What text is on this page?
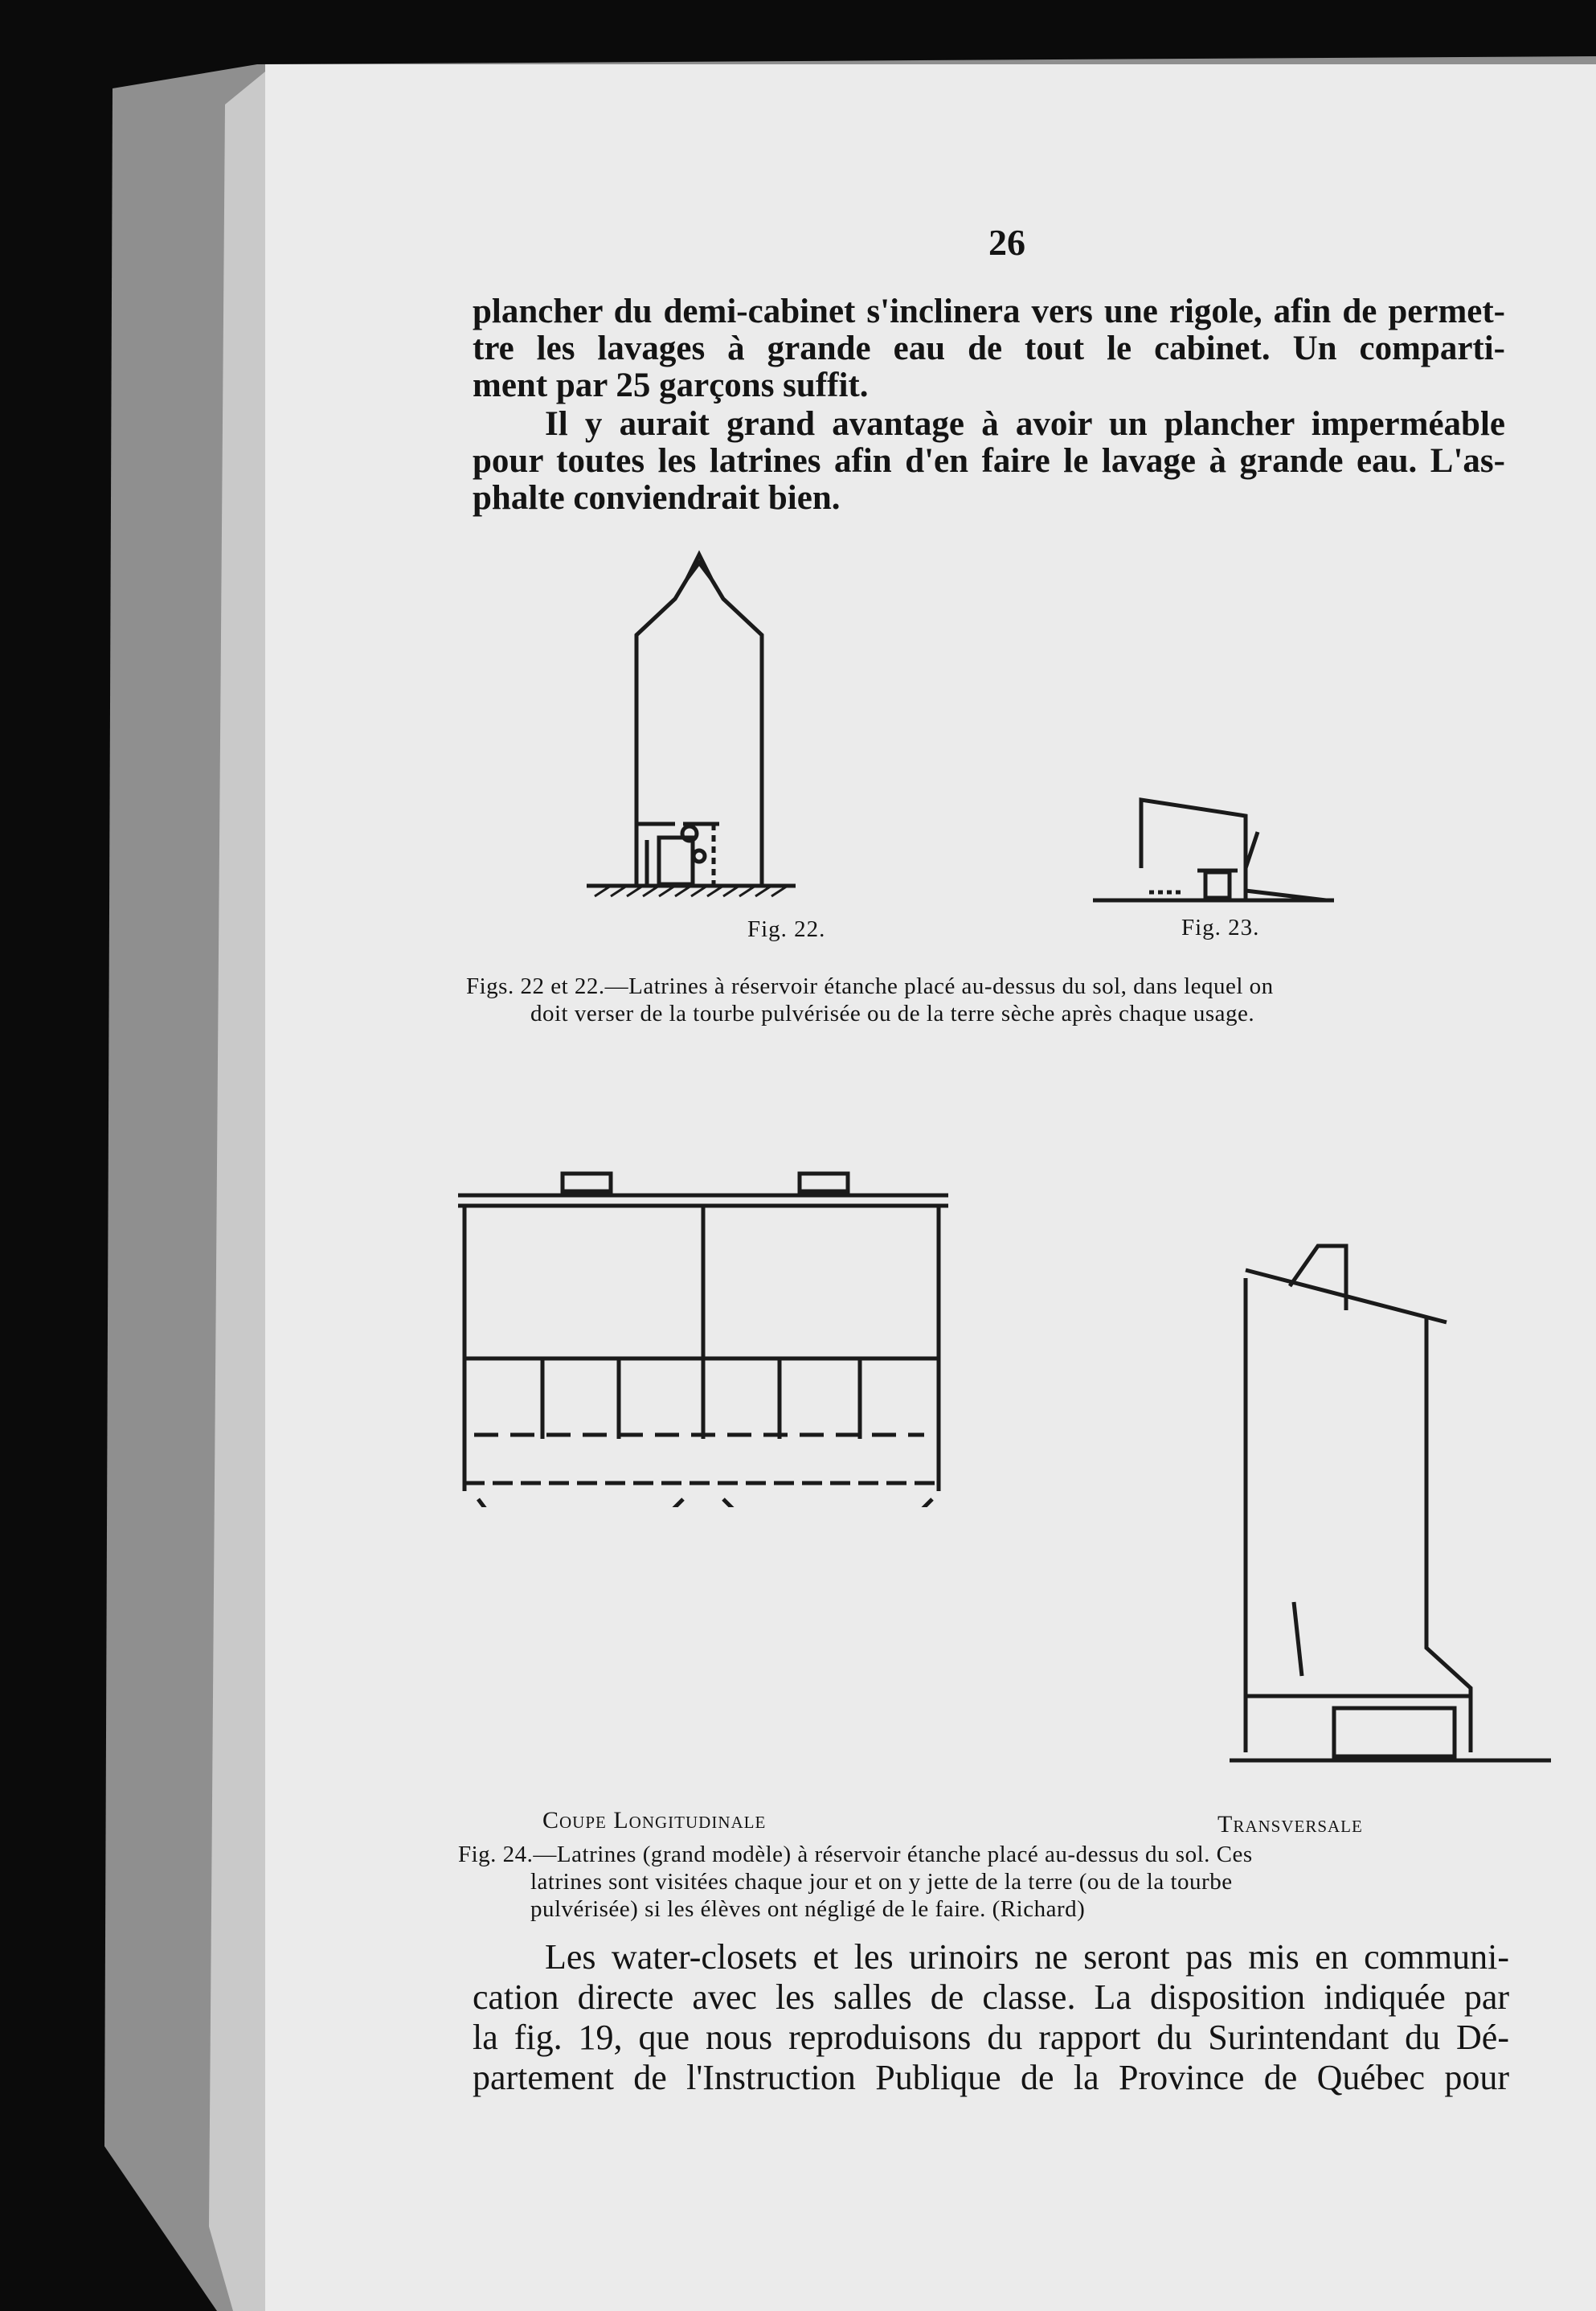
26

plancher du demi-cabinet s'inclinera vers une rigole, afin de permet-
tre les lavages à grande eau de tout le cabinet. Un comparti-
ment par 25 garçons suffit.

Il y aurait grand avantage à avoir un plancher imperméable
pour toutes les latrines afin d'en faire le lavage à grande eau. L'as-
phalte conviendrait bien.

Fig. 22.	Fig. 23.

Figs. 22 et 22.—Latrines à réservoir étanche placé au-dessus du sol, dans lequel on
doit verser de la tourbe pulvérisée ou de la terre sèche après chaque usage.

Coupe Longitudinale	Transversale

Fig. 24.—Latrines (grand modèle) à réservoir étanche placé au-dessus du sol. Ces
latrines sont visitées chaque jour et on y jette de la terre (ou de la tourbe
pulvérisée) si les élèves ont négligé de le faire. (Richard)

Les water-closets et les urinoirs ne seront pas mis en communi-
cation directe avec les salles de classe. La disposition indiquée par
la fig. 19, que nous reproduisons du rapport du Surintendant du Dé-
partement de l'Instruction Publique de la Province de Québec pour
